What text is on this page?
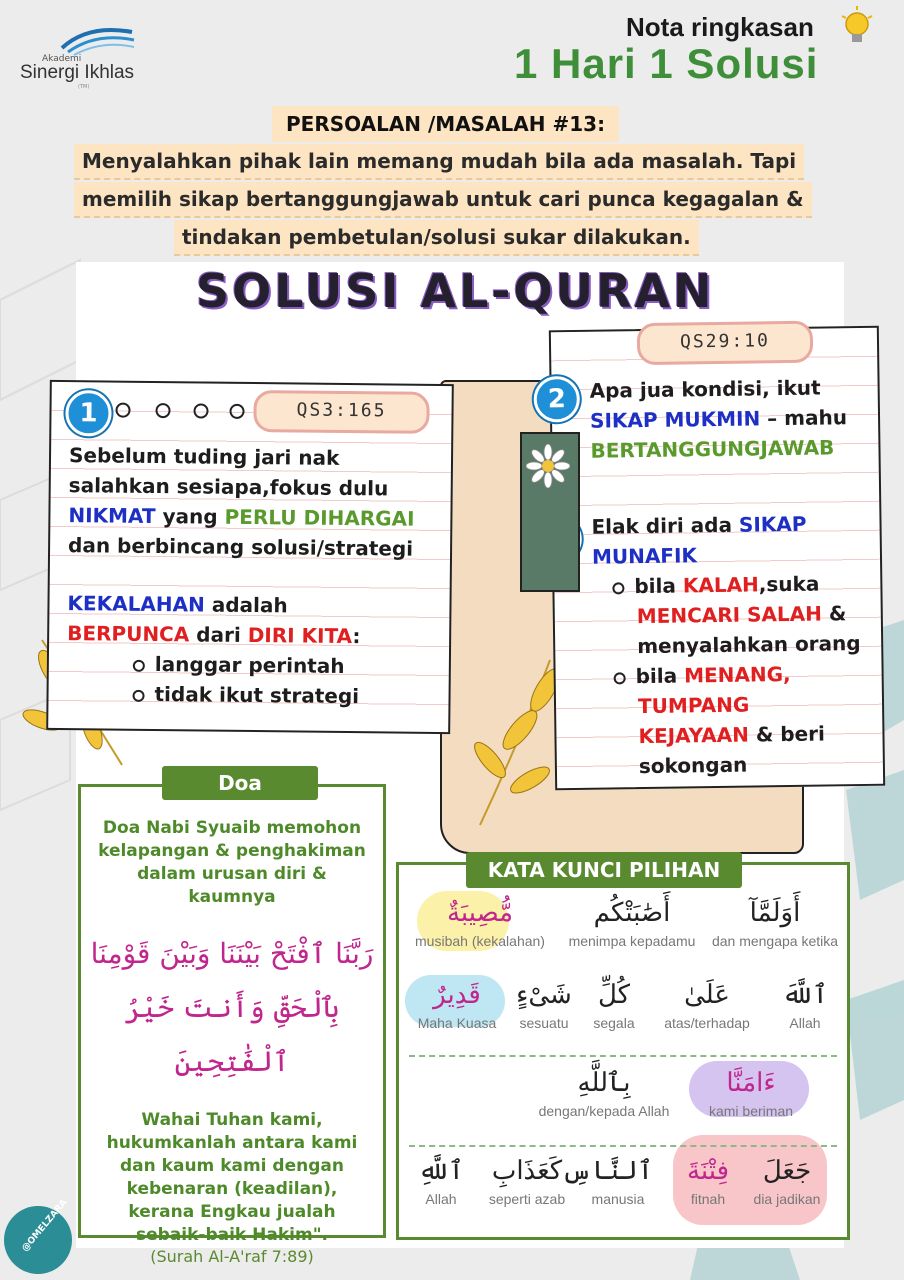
Akademi
Sinergi Ikhlas
(TM)
Nota ringkasan
1 Hari 1 Solusi
PERSOALAN /MASALAH #13:
Menyalahkan pihak lain memang mudah bila ada masalah. Tapi
memilih sikap bertanggungjawab untuk cari punca kegagalan &
tindakan pembetulan/solusi sukar dilakukan.
SOLUSI AL-QURAN
1	QS3:165
Sebelum tuding jari nak
salahkan sesiapa,fokus dulu
NIKMAT yang PERLU DIHARGAI
dan berbincang solusi/strategi
KEKALAHAN adalah
BERPUNCA dari DIRI KITA:
langgar perintah
tidak ikut strategi
QS29:10
2	Apa jua kondisi, ikut
SIKAP MUKMIN – mahu
BERTANGGUNGJAWAB
Elak diri ada SIKAP
MUNAFIK
bila KALAH,suka
MENCARI SALAH &
menyalahkan orang
bila MENANG,
TUMPANG
KEJAYAAN & beri
sokongan
Doa Nabi Syuaib memohon
kelapangan & penghakiman
dalam urusan diri &
kaumnya
رَبَّنَا ٱفْتَحْ بَيْنَنَا وَبَيْنَ قَوْمِنَا
بِٱلْحَقِّ وَأَنتَ خَيْرُ ٱلْفَٰتِحِينَ
Wahai Tuhan kami,
hukumkanlah antara kami
dan kaum kami dengan
kebenaran (keadilan),
kerana Engkau jualah
sebaik-baik Hakim".
(Surah Al-A'raf 7:89)
Doa
أَوَلَمَّآ
dan mengapa ketika
أَصَٰبَتْكُم
menimpa kepadamu
مُّصِيبَةٌ
musibah (kekalahan)
ٱللَّهَ
Allah
عَلَىٰ
atas/terhadap
كُلِّ
segala
شَىْءٍ
sesuatu
قَدِيرٌ
Maha Kuasa
ءَامَنَّا
kami beriman
بِٱللَّهِ
dengan/kepada Allah
جَعَلَ
dia jadikan
فِتْنَةَ
fitnah
ٱلنَّاسِ
manusia
كَعَذَابِ
seperti azab
ٱللَّهِ
Allah
KATA KUNCI PILIHAN
@OMELZARA
